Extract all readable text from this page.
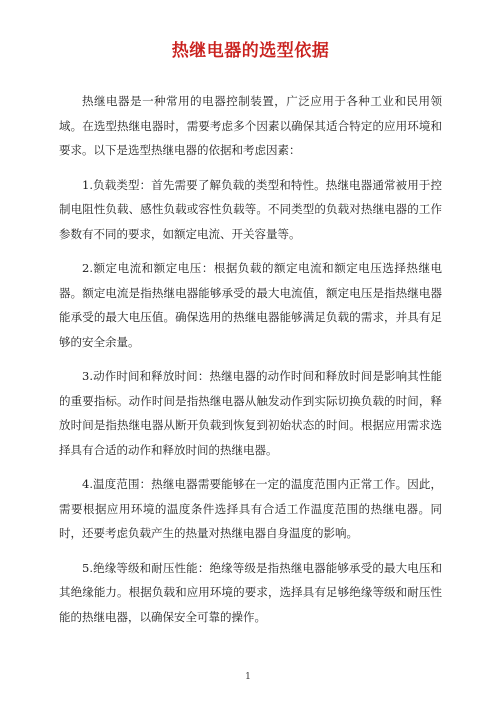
热继电器的选型依据

热继电器是一种常用的电器控制装置，广泛应用于各种工业和民用领域。在选型热继电器时，需要考虑多个因素以确保其适合特定的应用环境和要求。以下是选型热继电器的依据和考虑因素：

1.负载类型：首先需要了解负载的类型和特性。热继电器通常被用于控制电阻性负载、感性负载或容性负载等。不同类型的负载对热继电器的工作参数有不同的要求，如额定电流、开关容量等。

2.额定电流和额定电压：根据负载的额定电流和额定电压选择热继电器。额定电流是指热继电器能够承受的最大电流值，额定电压是指热继电器能承受的最大电压值。确保选用的热继电器能够满足负载的需求，并具有足够的安全余量。

3.动作时间和释放时间：热继电器的动作时间和释放时间是影响其性能的重要指标。动作时间是指热继电器从触发动作到实际切换负载的时间，释放时间是指热继电器从断开负载到恢复到初始状态的时间。根据应用需求选择具有合适的动作和释放时间的热继电器。

4.温度范围：热继电器需要能够在一定的温度范围内正常工作。因此，需要根据应用环境的温度条件选择具有合适工作温度范围的热继电器。同时，还要考虑负载产生的热量对热继电器自身温度的影响。

5.绝缘等级和耐压性能：绝缘等级是指热继电器能够承受的最大电压和其绝缘能力。根据负载和应用环境的要求，选择具有足够绝缘等级和耐压性能的热继电器，以确保安全可靠的操作。

1
